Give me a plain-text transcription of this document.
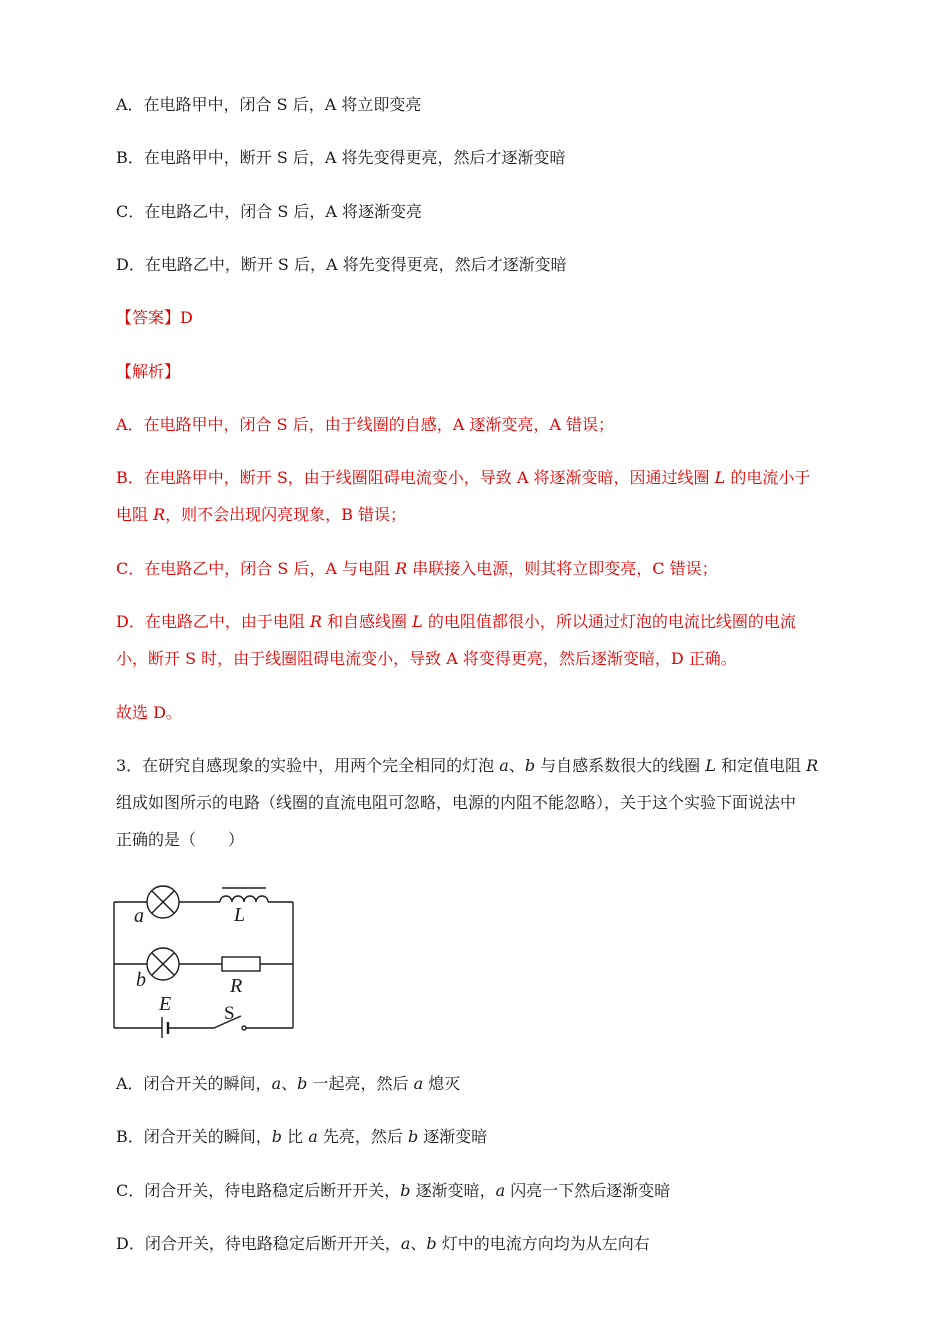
A．在电路甲中，闭合 S 后，A 将立即变亮
B．在电路甲中，断开 S 后，A 将先变得更亮，然后才逐渐变暗
C．在电路乙中，闭合 S 后，A 将逐渐变亮
D．在电路乙中，断开 S 后，A 将先变得更亮，然后才逐渐变暗
【答案】D
【解析】
A．在电路甲中，闭合 S 后，由于线圈的自感，A 逐渐变亮，A 错误；
B．在电路甲中，断开 S，由于线圈阻碍电流变小，导致 A 将逐渐变暗，因通过线圈 L 的电流小于
电阻 R，则不会出现闪亮现象，B 错误；
C．在电路乙中，闭合 S 后，A 与电阻 R 串联接入电源，则其将立即变亮，C 错误；
D．在电路乙中，由于电阻 R 和自感线圈 L 的电阻值都很小，所以通过灯泡的电流比线圈的电流
小，断开 S 时，由于线圈阻碍电流变小，导致 A 将变得更亮，然后逐渐变暗，D 正确。
故选 D。
3．在研究自感现象的实验中，用两个完全相同的灯泡 a、b 与自感系数很大的线圈 L 和定值电阻 R
组成如图所示的电路（线圈的直流电阻可忽略，电源的内阻不能忽略），关于这个实验下面说法中
正确的是（　　）
a	L
b	R
E	S
A．闭合开关的瞬间，a、b 一起亮，然后 a 熄灭
B．闭合开关的瞬间，b 比 a 先亮，然后 b 逐渐变暗
C．闭合开关，待电路稳定后断开开关，b 逐渐变暗，a 闪亮一下然后逐渐变暗
D．闭合开关，待电路稳定后断开开关，a、b 灯中的电流方向均为从左向右
